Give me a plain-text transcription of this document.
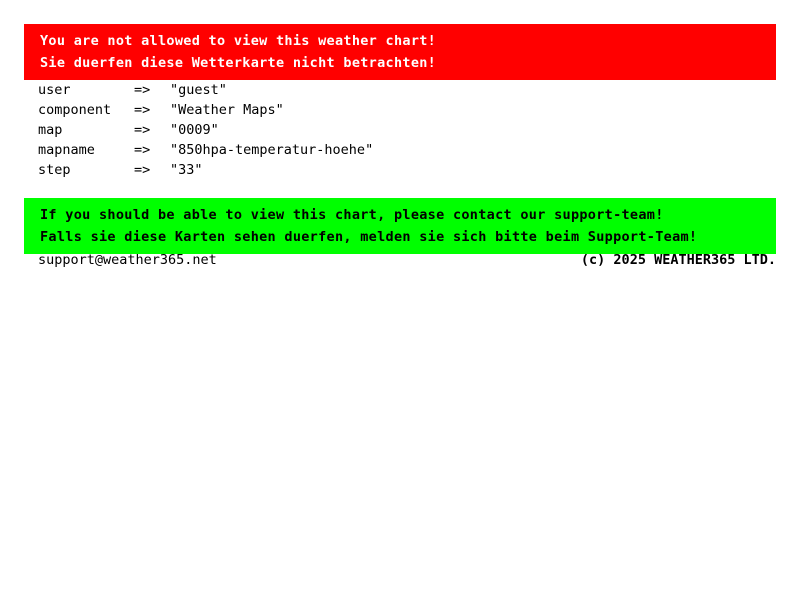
You are not allowed to view this weather chart!
Sie duerfen diese Wetterkarte nicht betrachten!
user	=>	"guest"
component	=>	"Weather Maps"
map	=>	"0009"
mapname	=>	"850hpa-temperatur-hoehe"
step	=>	"33"
If you should be able to view this chart, please contact our support-team!
Falls sie diese Karten sehen duerfen, melden sie sich bitte beim Support-Team!
support@weather365.net	(c) 2025 WEATHER365 LTD.
